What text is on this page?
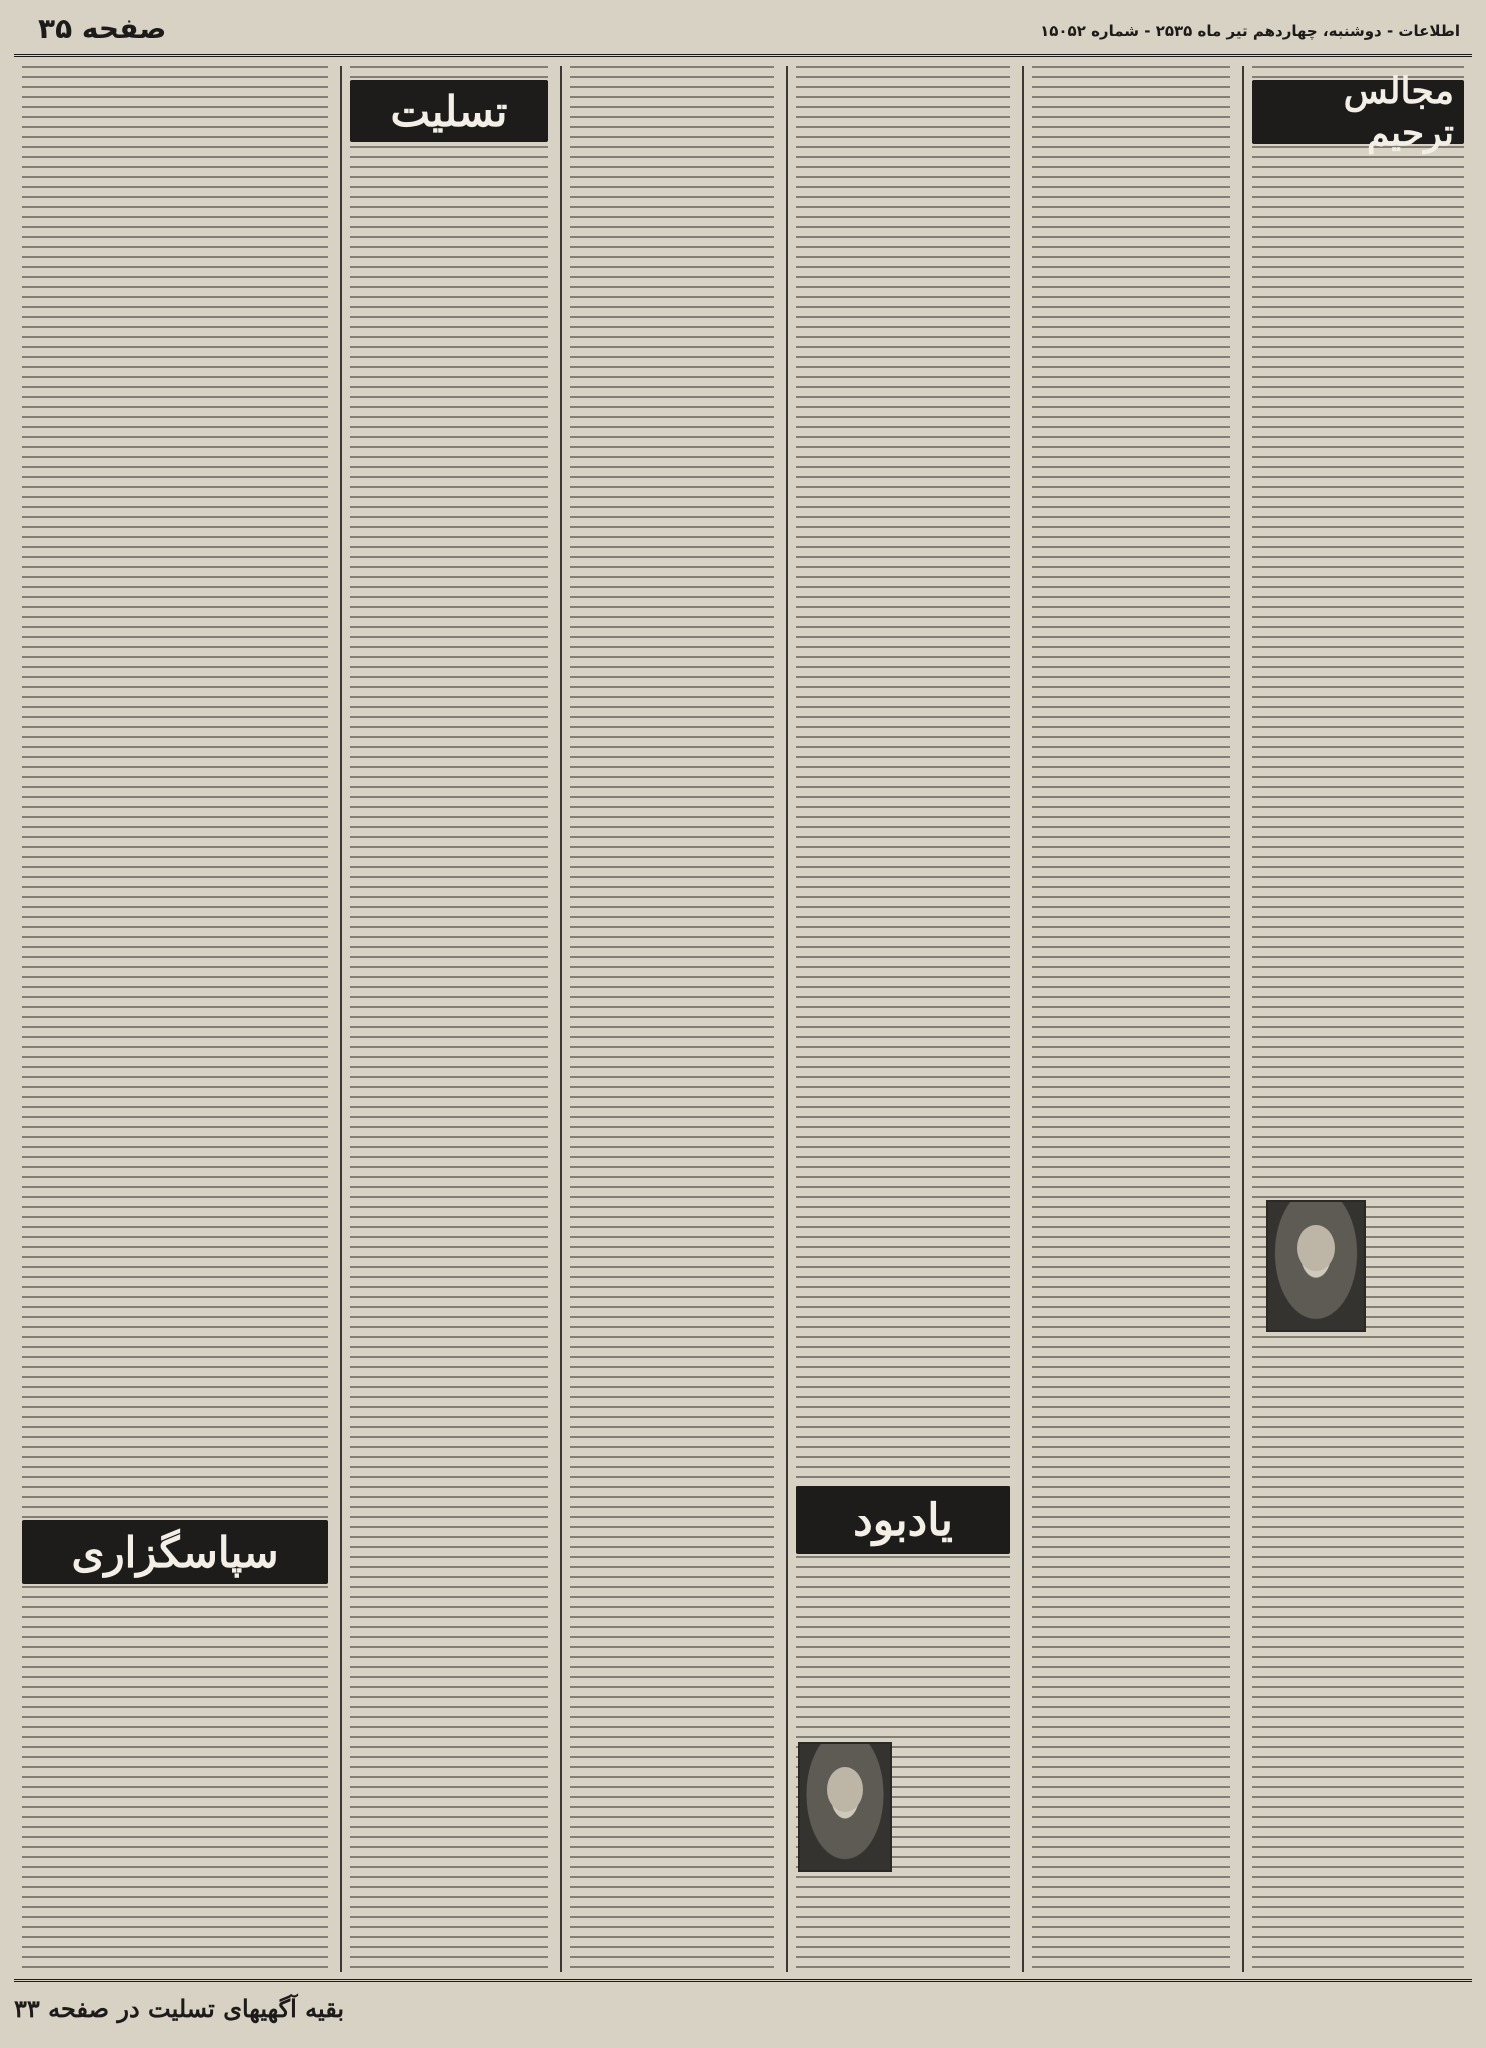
صفحه ۳۵	اطلاعات - دوشنبه، چهاردهم تیر ماه ۲۵۳۵ - شماره ۱۵۰۵۲
مجالس ترحیم
یادبود
تسلیت
سپاسگزاری
بقیه آگهیهای تسلیت در صفحه ۳۳
